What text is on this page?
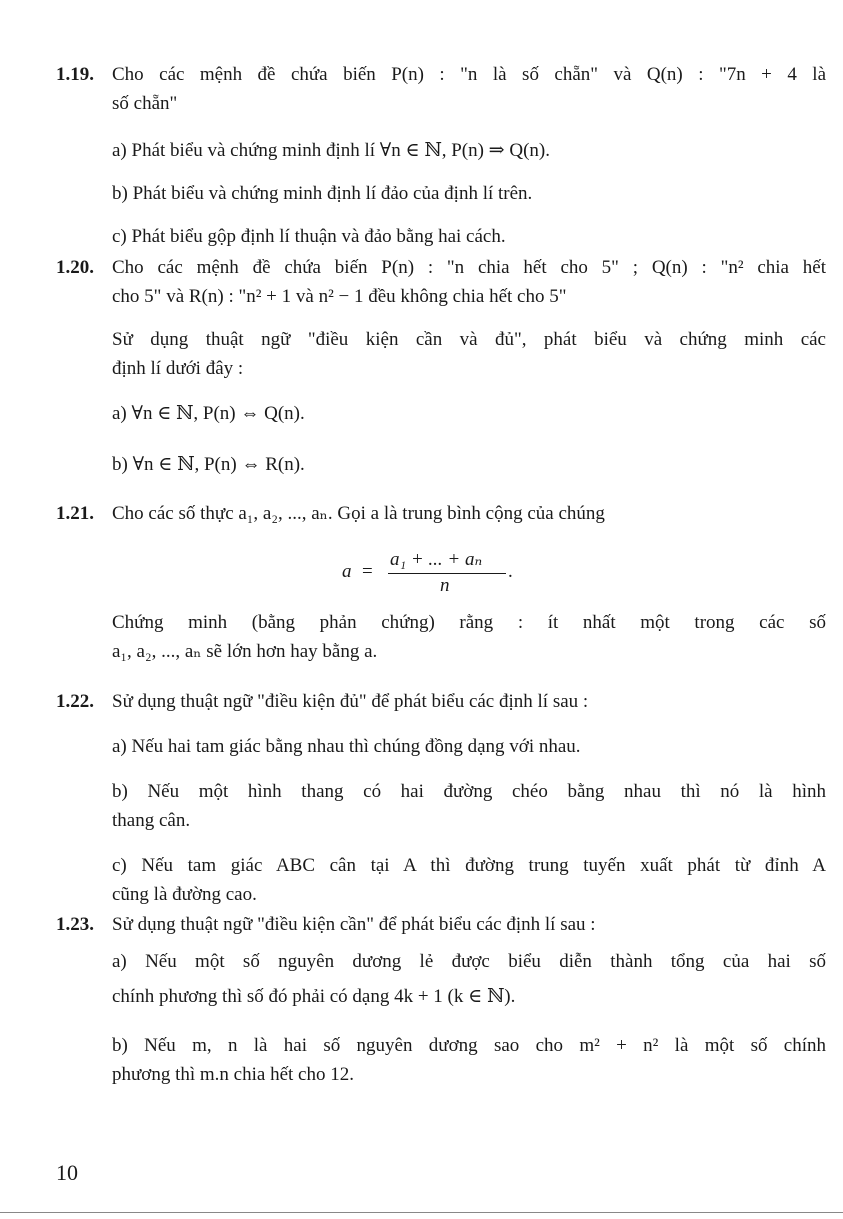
1.19. Cho các mệnh đề chứa biến P(n) : "n là số chẵn" và Q(n) : "7n + 4 là
số chẵn"
a) Phát biểu và chứng minh định lí ∀n ∈ ℕ, P(n) ⇒ Q(n).
b) Phát biểu và chứng minh định lí đảo của định lí trên.
c) Phát biểu gộp định lí thuận và đảo bằng hai cách.
1.20. Cho các mệnh đề chứa biến P(n) : "n chia hết cho 5" ; Q(n) : "n² chia hết
cho 5" và R(n) : "n² + 1 và n² − 1 đều không chia hết cho 5"
Sử dụng thuật ngữ "điều kiện cần và đủ", phát biểu và chứng minh các
định lí dưới đây :
a) ∀n ∈ ℕ, P(n) ⇔ Q(n).
b) ∀n ∈ ℕ, P(n) ⇔ R(n).
1.21. Cho các số thực a₁, a₂, ..., aₙ. Gọi a là trung bình cộng của chúng
a =
a₁ + ... + aₙ
n
.
Chứng minh (bằng phản chứng) rằng : ít nhất một trong các số
a₁, a₂, ..., aₙ sẽ lớn hơn hay bằng a.
1.22. Sử dụng thuật ngữ "điều kiện đủ" để phát biểu các định lí sau :
a) Nếu hai tam giác bằng nhau thì chúng đồng dạng với nhau.
b) Nếu một hình thang có hai đường chéo bằng nhau thì nó là hình
thang cân.
c) Nếu tam giác ABC cân tại A thì đường trung tuyến xuất phát từ đỉnh A
cũng là đường cao.
1.23. Sử dụng thuật ngữ "điều kiện cần" để phát biểu các định lí sau :
a) Nếu một số nguyên dương lẻ được biểu diễn thành tổng của hai số
chính phương thì số đó phải có dạng 4k + 1 (k ∈ ℕ).
b) Nếu m, n là hai số nguyên dương sao cho m² + n² là một số chính
phương thì m.n chia hết cho 12.
10
